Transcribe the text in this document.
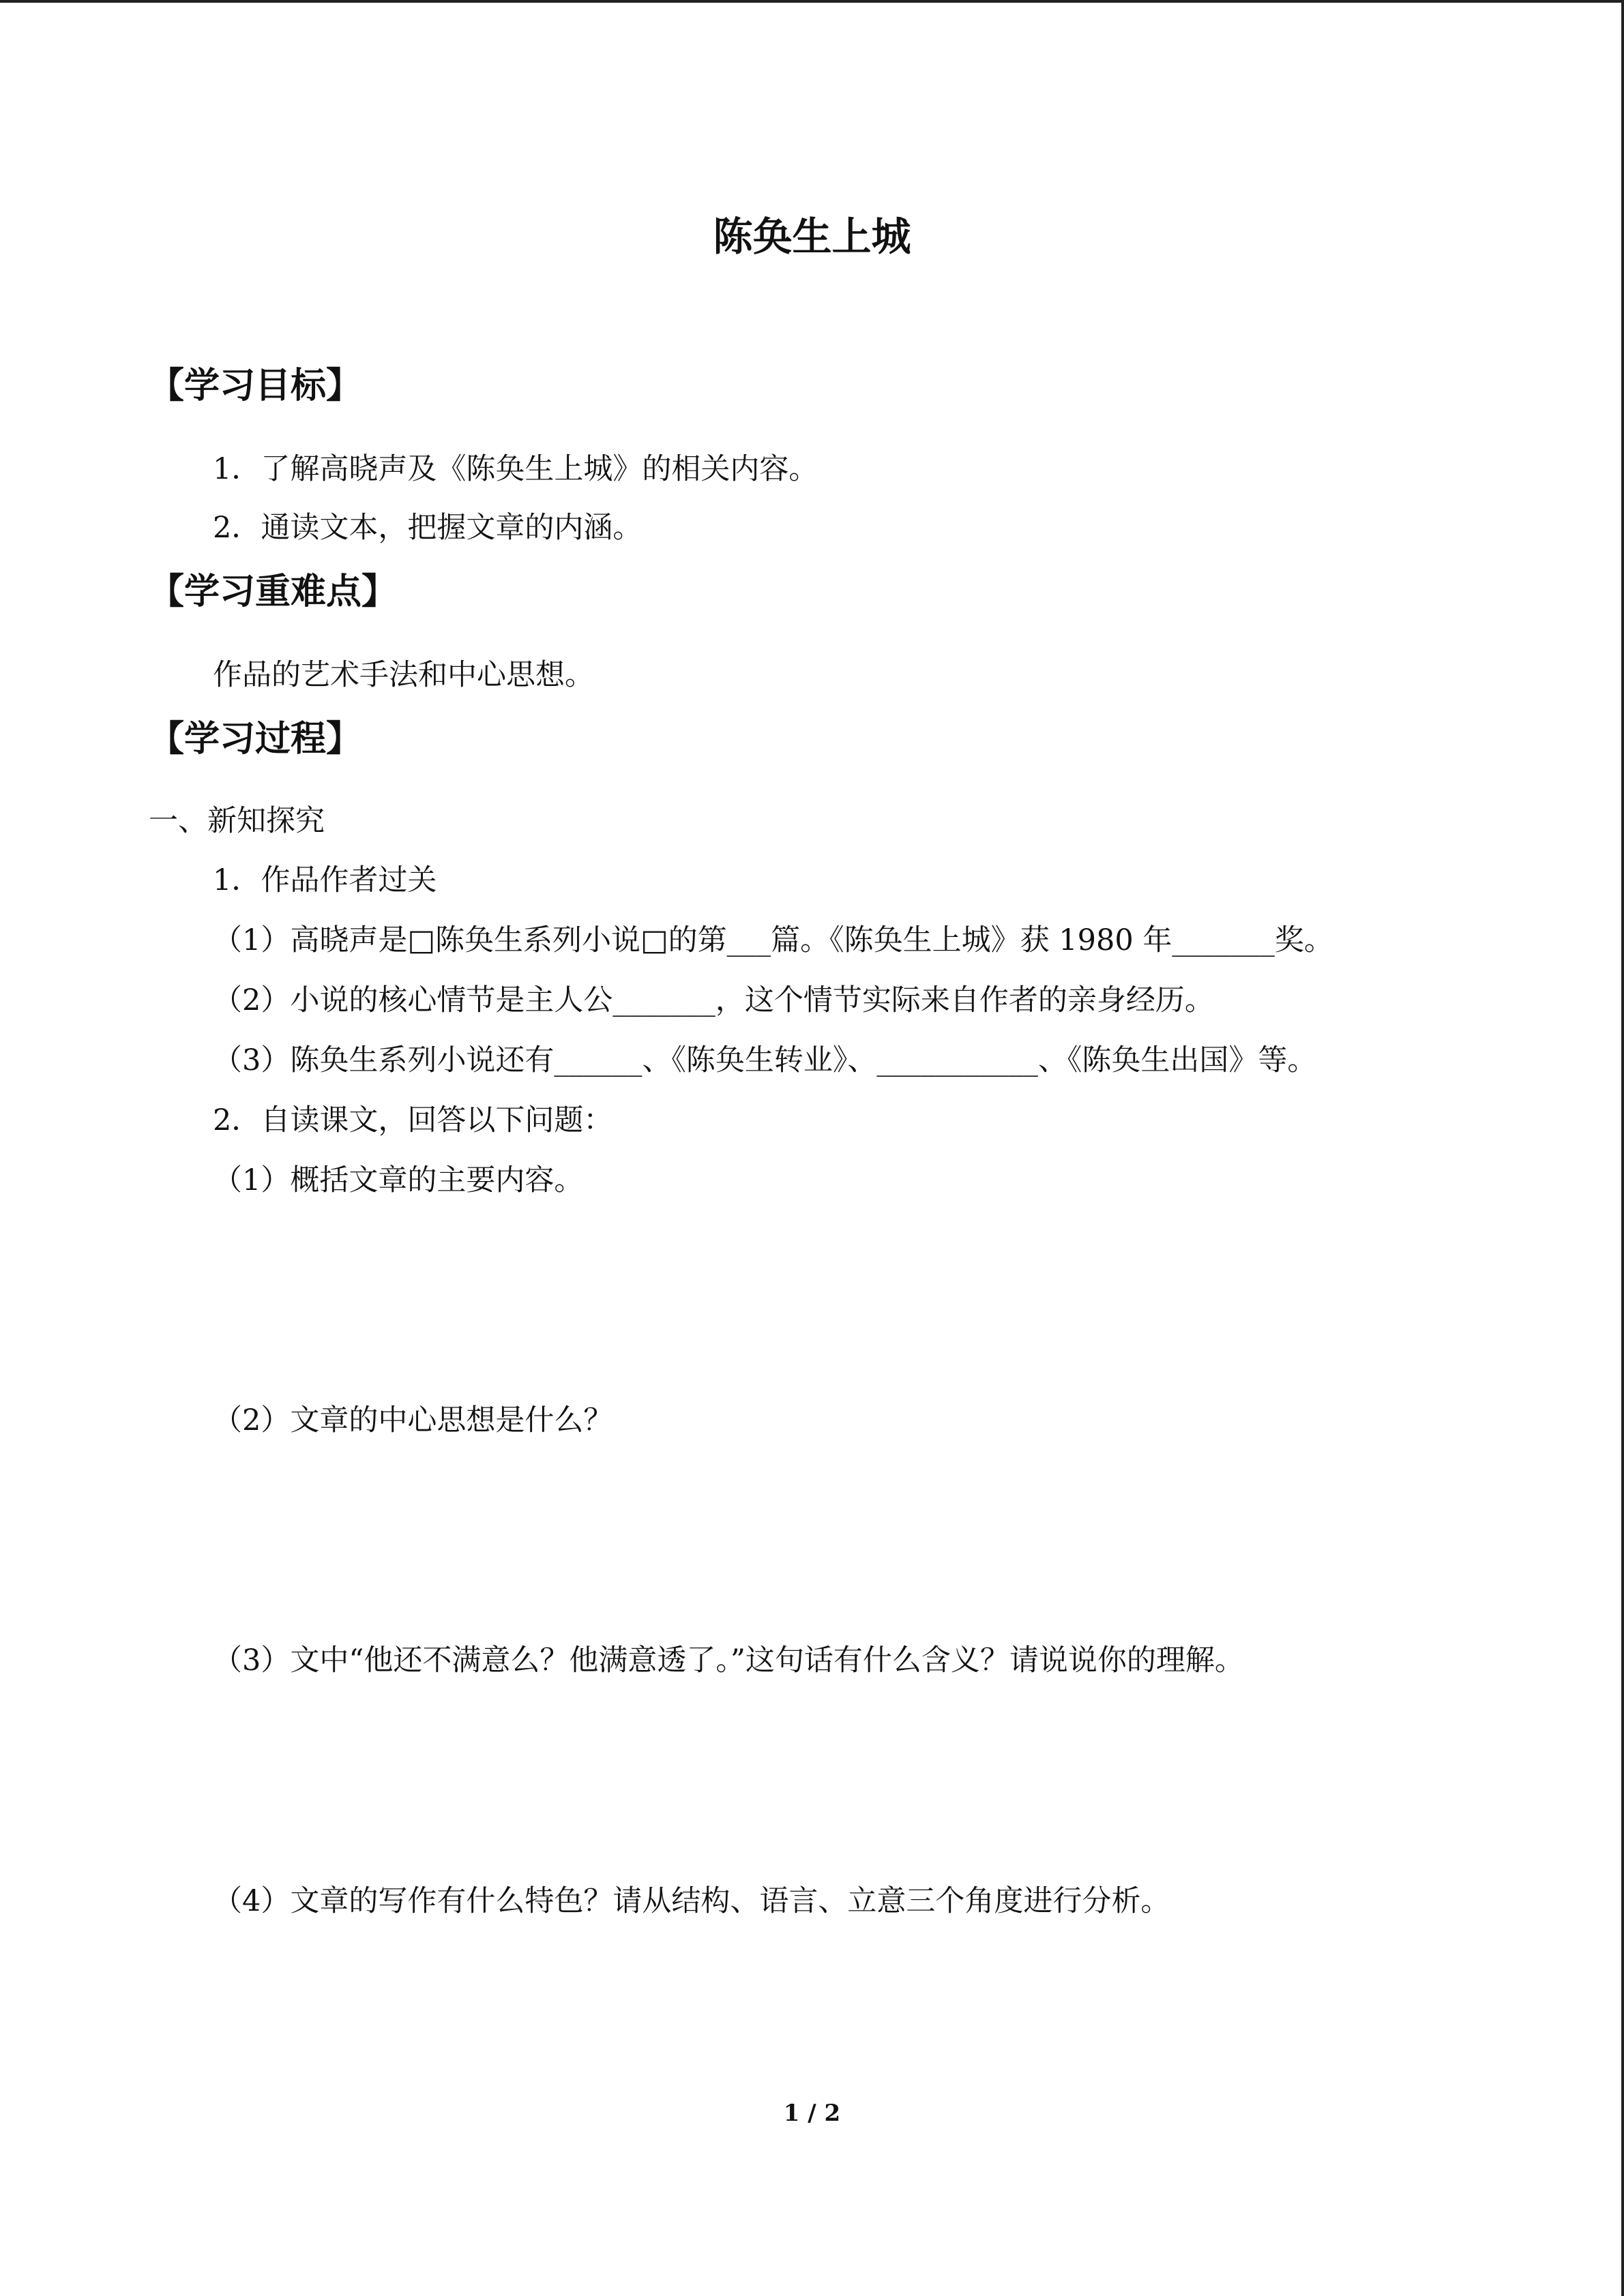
陈奂生上城
【学习目标】
1．了解高晓声及《陈奂生上城》的相关内容。
2．通读文本，把握文章的内涵。
【学习重难点】
作品的艺术手法和中心思想。
【学习过程】
一、新知探究
1．作品作者过关
（1）高晓声是□陈奂生系列小说□的第___篇。《陈奂生上城》获 1980 年_______奖。
（2）小说的核心情节是主人公_______，这个情节实际来自作者的亲身经历。
（3）陈奂生系列小说还有______、《陈奂生转业》、___________、《陈奂生出国》等。
2．自读课文，回答以下问题：
（1）概括文章的主要内容。
（2）文章的中心思想是什么？
（3）文中“他还不满意么？他满意透了。”这句话有什么含义？请说说你的理解。
（4）文章的写作有什么特色？请从结构、语言、立意三个角度进行分析。
1 / 2
